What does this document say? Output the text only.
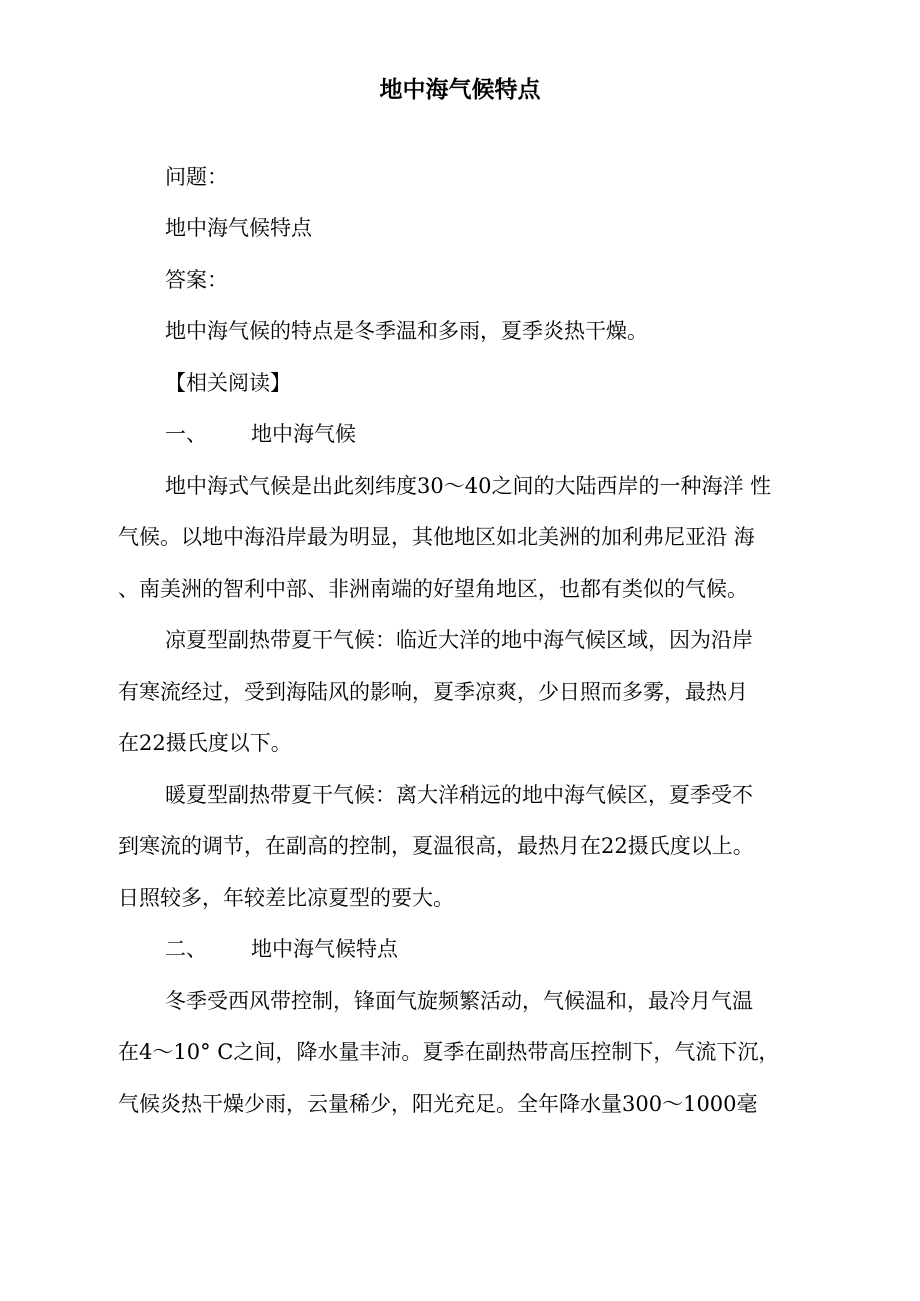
地中海气候特点
问题：
地中海气候特点
答案：
地中海气候的特点是冬季温和多雨，夏季炎热干燥。
【相关阅读】
一、 地中海气候
地中海式气候是出此刻纬度30～40之间的大陆西岸的一种海洋 性
气候。以地中海沿岸最为明显，其他地区如北美洲的加利弗尼亚沿 海
、南美洲的智利中部、非洲南端的好望角地区，也都有类似的气候。
凉夏型副热带夏干气候：临近大洋的地中海气候区域，因为沿岸
有寒流经过，受到海陆风的影响，夏季凉爽，少日照而多雾，最热月
在22摄氏度以下。
暖夏型副热带夏干气候：离大洋稍远的地中海气候区，夏季受不
到寒流的调节，在副高的控制，夏温很高，最热月在22摄氏度以上。
日照较多，年较差比凉夏型的要大。
二、 地中海气候特点
冬季受西风带控制，锋面气旋频繁活动，气候温和，最冷月气温
在4～10° C之间，降水量丰沛。夏季在副热带高压控制下，气流下沉，
气候炎热干燥少雨，云量稀少，阳光充足。全年降水量300～1000毫
